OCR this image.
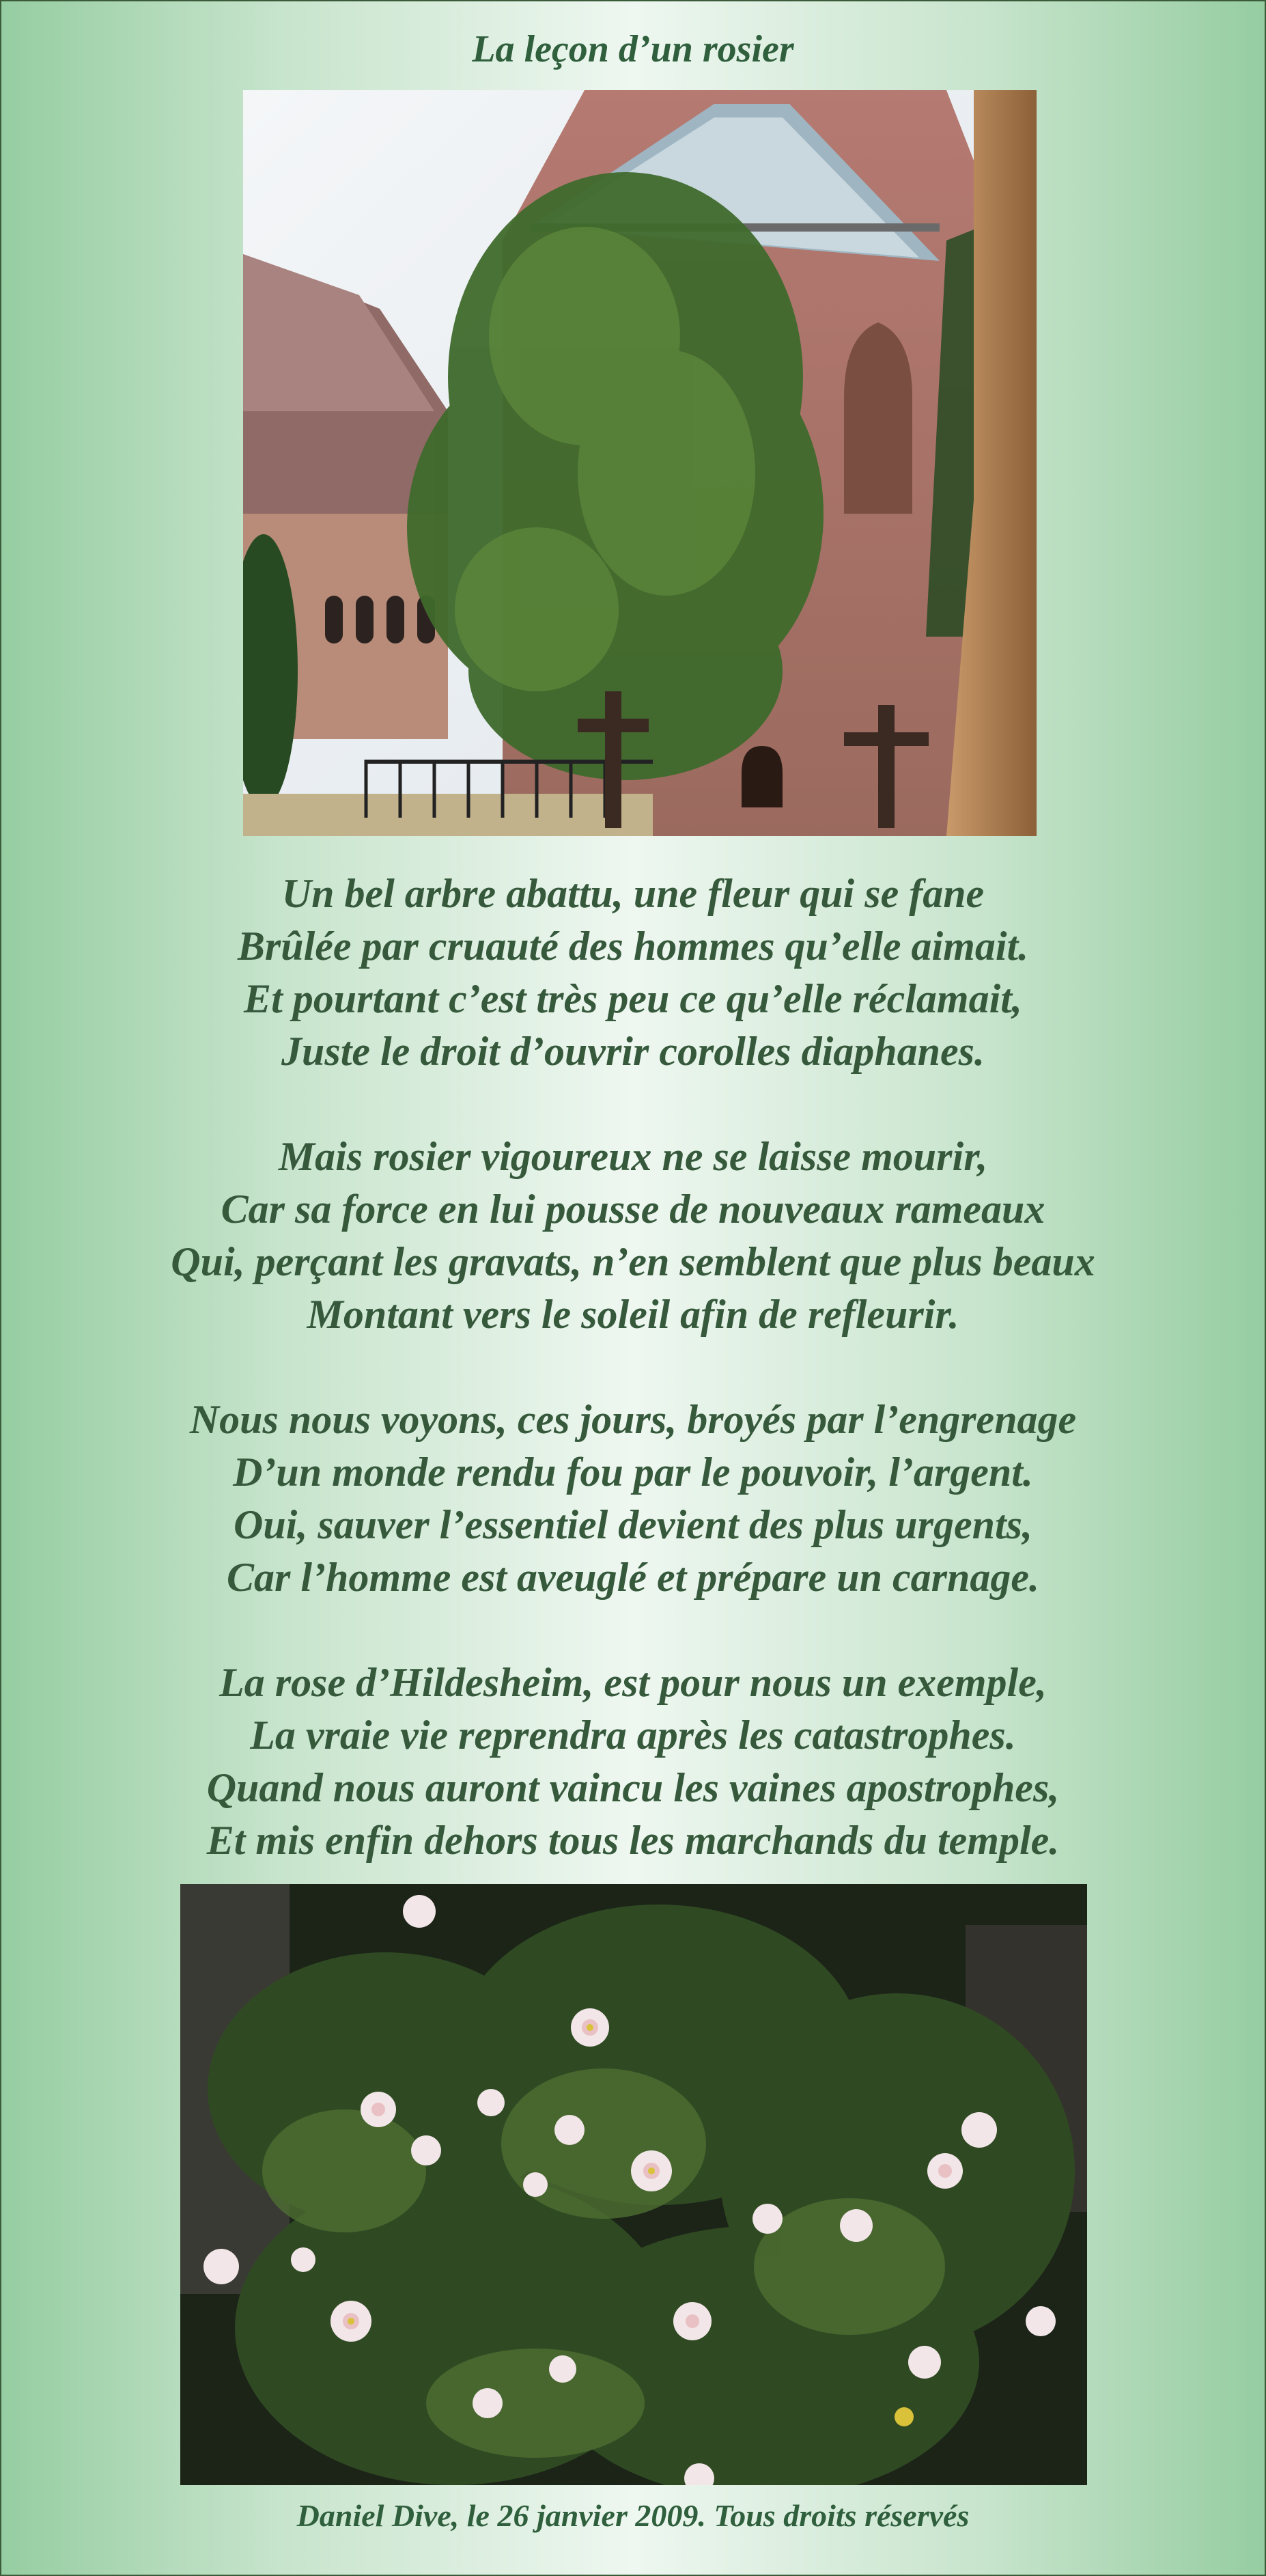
La leçon d’un rosier

Un bel arbre abattu, une fleur qui se fane
Brûlée par cruauté des hommes qu’elle aimait.
Et pourtant c’est très peu ce qu’elle réclamait,
Juste le droit d’ouvrir corolles diaphanes.

Mais rosier vigoureux ne se laisse mourir,
Car sa force en lui pousse de nouveaux rameaux
Qui, perçant les gravats, n’en semblent que plus beaux
Montant vers le soleil afin de refleurir.

Nous nous voyons, ces jours, broyés par l’engrenage
D’un monde rendu fou par le pouvoir, l’argent.
Oui, sauver l’essentiel devient des plus urgents,
Car l’homme est aveuglé et prépare un carnage.

La rose d’Hildesheim, est pour nous un exemple,
La vraie vie reprendra après les catastrophes.
Quand nous auront vaincu les vaines apostrophes,
Et mis enfin dehors tous les marchands du temple.

Daniel Dive, le 26 janvier 2009. Tous droits réservés
